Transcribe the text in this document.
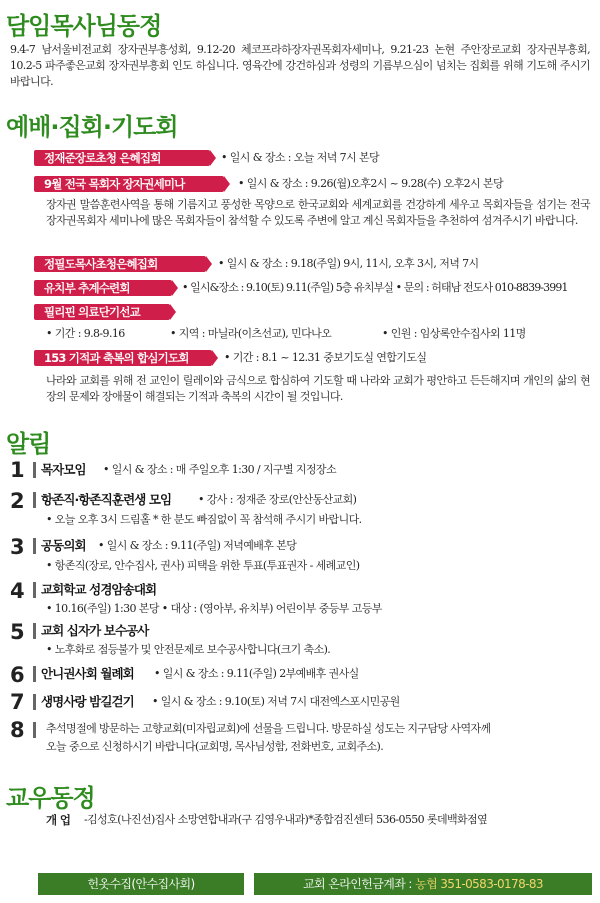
담임목사님동정
9.4-7 남서울비전교회 장자권부흥성회, 9.12-20 체코프라하장자권목회자세미나, 9.21-23 논현 주안장로교회 장자권부흥회, 10.2-5 파주좋은교회 장자권부흥회 인도 하십니다. 영육간에 강건하심과 성령의 기름부으심이 넘치는 집회를 위해 기도해 주시기 바랍니다.
예배·집회·기도회
정재준장로초청 은혜집회	• 일시 & 장소 : 오늘 저녁 7시 본당
9월 전국 목회자 장자권세미나	• 일시 & 장소 : 9.26(월)오후2시 ~ 9.28(수) 오후2시 본당
장자권 말씀훈련사역을 통해 기름지고 풍성한 목양으로 한국교회와 세계교회를 건강하게 세우고 목회자들을 섬기는 전국장자권목회자 세미나에 많은 목회자들이 참석할 수 있도록 주변에 알고 계신 목회자들을 추천하여 섬겨주시기 바랍니다.
정필도목사초청은혜집회	• 일시 & 장소 : 9.18(주일) 9시, 11시, 오후 3시, 저녁 7시
유치부 추계수련회	• 일시&장소 : 9.10(토) 9.11(주일) 5층 유치부실 • 문의 : 허태남 전도사 010-8839-3991
필리핀 의료단기선교
• 기간 : 9.8-9.16	• 지역 : 마닐라(이츠선교), 민다나오	• 인원 : 임상록안수집사외 11명
153 기적과 축복의 합심기도회	• 기간 : 8.1 ~ 12.31 중보기도실 연합기도실
나라와 교회를 위해 전 교인이 릴레이와 금식으로 합심하여 기도할 때 나라와 교회가 평안하고 든든해지며 개인의 삶의 현장의 문제와 장애물이 해결되는 기적과 축복의 시간이 될 것입니다.
알림
1 목자모임 • 일시 & 장소 : 매 주일오후 1:30 / 지구별 지정장소
2 항존직·항존직훈련생 모임 • 강사 : 정재준 장로(안산동산교회)
• 오늘 오후 3시 드림홀 * 한 분도 빠짐없이 꼭 참석해 주시기 바랍니다.
3 공동의회 • 일시 & 장소 : 9.11(주일) 저녁예배후 본당
• 항존직(장로, 안수집사, 권사) 피택을 위한 투표(투표권자 - 세례교인)
4 교회학교 성경암송대회
• 10.16(주일) 1:30 본당 • 대상 : (영아부, 유치부) 어린이부 중등부 고등부
5 교회 십자가 보수공사
• 노후화로 점등불가 및 안전문제로 보수공사합니다(크기 축소).
6 안니권사회 월례회 • 일시 & 장소 : 9.11(주일) 2부예배후 권사실
7 생명사랑 밤길걷기 • 일시 & 장소 : 9.10(토) 저녁 7시 대전엑스포시민공원
8 추석명절에 방문하는 고향교회(미자립교회)에 선물을 드립니다. 방문하실 성도는 지구담당 사역자께
오늘 중으로 신청하시기 바랍니다(교회명, 목사님성함, 전화번호, 교회주소).
교우동정
개 업 -김성호(나진선)집사 소망연합내과(구 김영우내과)*종합검진센터 536-0550 롯데백화점옆
헌옷수집(안수집사회)	교회 온라인헌금계좌 : 농협 351-0583-0178-83
